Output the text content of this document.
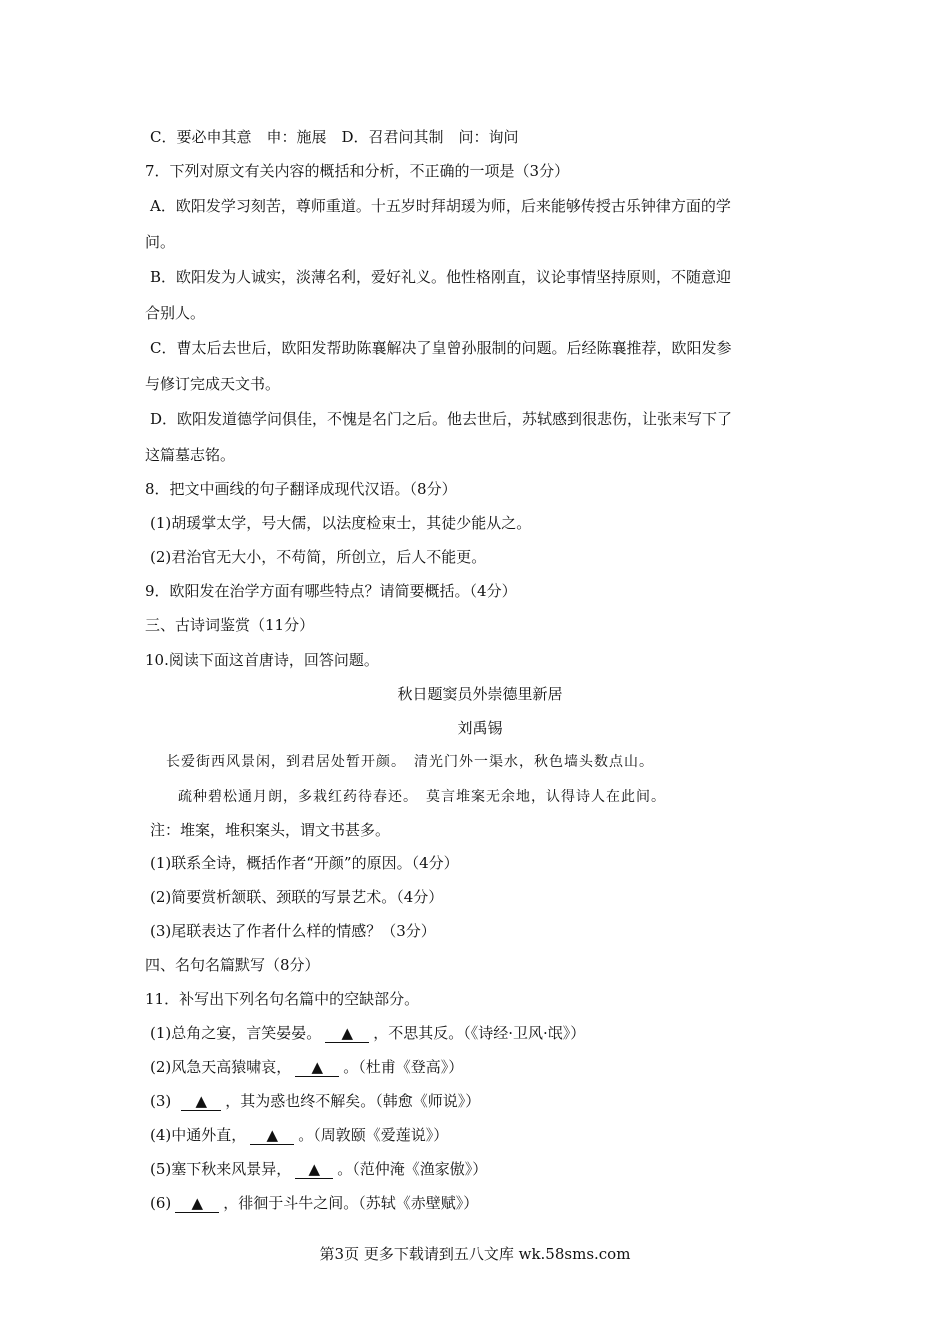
C．要必申其意　申：施展　D．召君问其制　问：询问
7．下列对原文有关内容的概括和分析，不正确的一项是（3分）
A．欧阳发学习刻苦，尊师重道。十五岁时拜胡瑗为师，后来能够传授古乐钟律方面的学
问。
B．欧阳发为人诚实，淡薄名利，爱好礼义。他性格刚直，议论事情坚持原则，不随意迎
合别人。
C．曹太后去世后，欧阳发帮助陈襄解决了皇曾孙服制的问题。后经陈襄推荐，欧阳发参
与修订完成天文书。
D．欧阳发道德学问俱佳，不愧是名门之后。他去世后，苏轼感到很悲伤，让张耒写下了
这篇墓志铭。
8．把文中画线的句子翻译成现代汉语。（8分）
(1)胡瑗掌太学，号大儒，以法度检束士，其徒少能从之。
(2)君治官无大小，不苟简，所创立，后人不能更。
9．欧阳发在治学方面有哪些特点？请简要概括。（4分）
三、古诗词鉴赏（11分）
10.阅读下面这首唐诗，回答问题。
秋日题窦员外崇德里新居
刘禹锡
长爱街西风景闲，到君居处暂开颜。　清光门外一渠水，秋色墙头数点山。
疏种碧松通月朗，多栽红药待春还。　莫言堆案无余地，认得诗人在此间。
注：堆案，堆积案头，谓文书甚多。
(1)联系全诗，概括作者“开颜”的原因。（4分）
(2)简要赏析颔联、颈联的写景艺术。（4分）
(3)尾联表达了作者什么样的情感？（3分）
四、名句名篇默写（8分）
11．补写出下列名句名篇中的空缺部分。
(1)总角之宴，言笑晏晏。 ▲ ，不思其反。（《诗经·卫风·氓》）
(2)风急天高猿啸哀， ▲ 。（杜甫《登高》）
(3) ▲ ，其为惑也终不解矣。（韩愈《师说》）
(4)中通外直， ▲ 。（周敦颐《爱莲说》）
(5)塞下秋来风景异， ▲ 。（范仲淹《渔家傲》）
(6) ▲ ，徘徊于斗牛之间。（苏轼《赤壁赋》）
第3页 更多下载请到五八文库 wk.58sms.com
